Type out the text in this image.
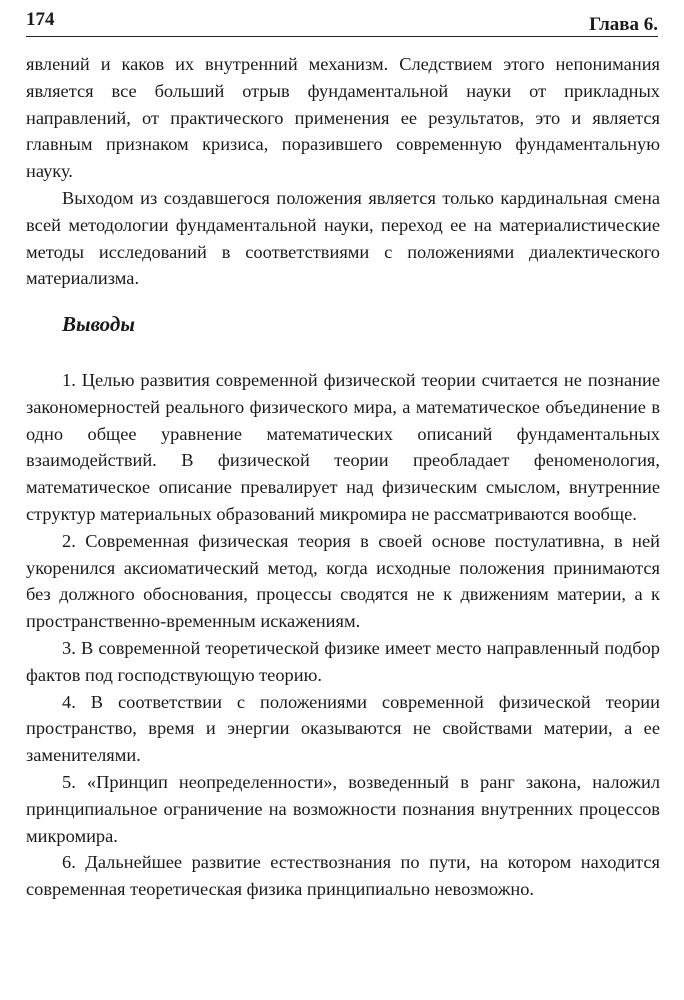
174	Глава 6.

явлений и каков их внутренний механизм. Следствием этого непонимания является все больший отрыв фундаментальной науки от прикладных направлений, от практического применения ее результатов, это и является главным признаком кризиса, поразившего современную фундаментальную науку.

Выходом из создавшегося положения является только кардинальная смена всей методологии фундаментальной науки, переход ее на материалистические методы исследований в соответствиями с положениями диалектического материализма.

Выводы

1. Целью развития современной физической теории считается не познание закономерностей реального физического мира, а математическое объединение в одно общее уравнение математических описаний фундаментальных взаимодействий. В физической теории преобладает феноменология, математическое описание превалирует над физическим смыслом, внутренние структур материальных образований микромира не рассматриваются вообще.

2. Современная физическая теория в своей основе постулативна, в ней укоренился аксиоматический метод, когда исходные положения принимаются без должного обоснования, процессы сводятся не к движениям материи, а к пространственно-временным искажениям.

3. В современной теоретической физике имеет место направленный подбор фактов под господствующую теорию.

4. В соответствии с положениями современной физической теории пространство, время и энергии оказываются не свойствами материи, а ее заменителями.

5. «Принцип неопределенности», возведенный в ранг закона, наложил принципиальное ограничение на возможности познания внутренних процессов микромира.

6. Дальнейшее развитие естествознания по пути, на котором находится современная теоретическая физика принципиально невозможно.
